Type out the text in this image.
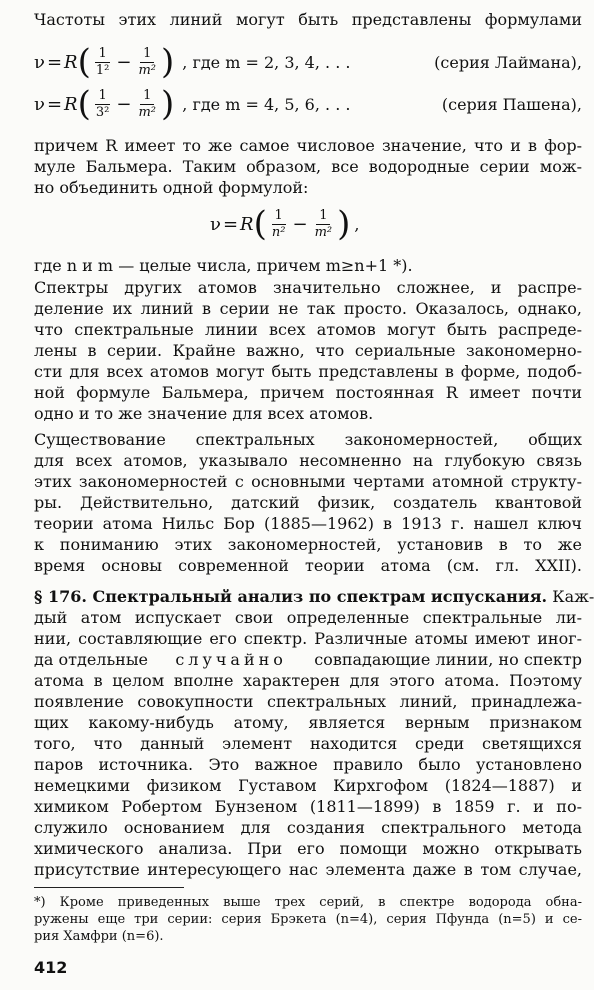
Частоты этих линий могут быть представлены формулами
ν = R ( $\frac{1}{\text{1²}} - \frac{1}{\text{m²}}$ ) , где m = 2, 3, 4, . . .	(серия Лаймана),
ν = R ( $\frac{1}{\text{3²}} - \frac{1}{\text{m²}}$ ) , где m = 4, 5, 6, . . .	(серия Пашена),
причем R имеет то же самое числовое значение, что и в фор-
муле Бальмера. Таким образом, все водородные серии мож-
но объединить одной формулой:
ν = R ( $\frac{1}{\text{n²}} - \frac{1}{\text{m²}}$ ) ,
где n и m — целые числа, причем m≥n+1 *).
Спектры других атомов значительно сложнее, и распре-
деление их линий в серии не так просто. Оказалось, однако,
что спектральные линии всех атомов могут быть распреде-
лены в серии. Крайне важно, что сериальные закономерно-
сти для всех атомов могут быть представлены в форме, подоб-
ной формуле Бальмера, причем постоянная R имеет почти
одно и то же значение для всех атомов.
Существование спектральных закономерностей, общих
для всех атомов, указывало несомненно на глубокую связь
этих закономерностей с основными чертами атомной структу-
ры. Действительно, датский физик, создатель квантовой
теории атома Нильс Бор (1885—1962) в 1913 г. нашел ключ
к пониманию этих закономерностей, установив в то же
время основы современной теории атома (см. гл. XXII).
§ 176. Спектральный анализ по спектрам испускания. Каж-
дый атом испускает свои определенные спектральные ли-
нии, составляющие его спектр. Различные атомы имеют иног-
да отдельные случайно совпадающие линии, но спектр
атома в целом вполне характерен для этого атома. Поэтому
появление совокупности спектральных линий, принадлежа-
щих какому-нибудь атому, является верным признаком
того, что данный элемент находится среди светящихся
паров источника. Это важное правило было установлено
немецкими физиком Густавом Кирхгофом (1824—1887) и
химиком Робертом Бунзеном (1811—1899) в 1859 г. и по-
служило основанием для создания спектрального метода
химического анализа. При его помощи можно открывать
присутствие интересующего нас элемента даже в том случае,
*) Кроме приведенных выше трех серий, в спектре водорода обна-
ружены еще три серии: серия Брэкета (n=4), серия Пфунда (n=5) и се-
рия Хамфри (n=6).
412
